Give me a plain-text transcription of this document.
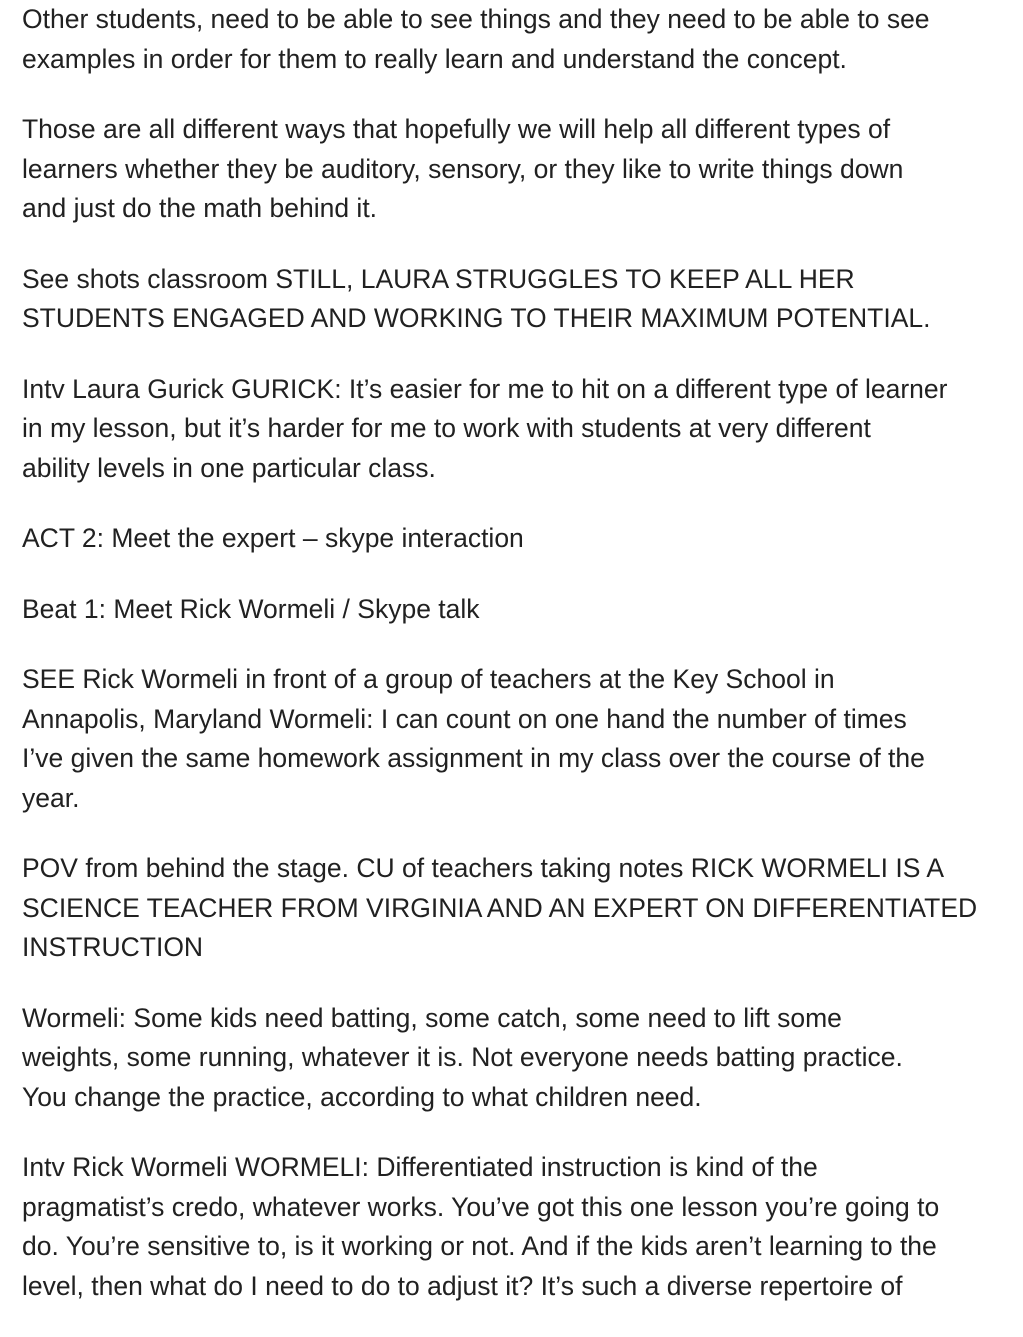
Other students, need to be able to see things and they need to be able to see
examples in order for them to really learn and understand the concept.

Those are all different ways that hopefully we will help all different types of
learners whether they be auditory, sensory, or they like to write things down
and just do the math behind it.

See shots classroom STILL, LAURA STRUGGLES TO KEEP ALL HER
STUDENTS ENGAGED AND WORKING TO THEIR MAXIMUM POTENTIAL.

Intv Laura Gurick GURICK: It’s easier for me to hit on a different type of learner
in my lesson, but it’s harder for me to work with students at very different
ability levels in one particular class.

ACT 2: Meet the expert – skype interaction

Beat 1: Meet Rick Wormeli / Skype talk

SEE Rick Wormeli in front of a group of teachers at the Key School in
Annapolis, Maryland Wormeli: I can count on one hand the number of times
I’ve given the same homework assignment in my class over the course of the
year.

POV from behind the stage. CU of teachers taking notes RICK WORMELI IS A
SCIENCE TEACHER FROM VIRGINIA AND AN EXPERT ON DIFFERENTIATED
INSTRUCTION

Wormeli: Some kids need batting, some catch, some need to lift some
weights, some running, whatever it is. Not everyone needs batting practice.
You change the practice, according to what children need.

Intv Rick Wormeli WORMELI: Differentiated instruction is kind of the
pragmatist’s credo, whatever works. You’ve got this one lesson you’re going to
do. You’re sensitive to, is it working or not. And if the kids aren’t learning to the
level, then what do I need to do to adjust it? It’s such a diverse repertoire of
